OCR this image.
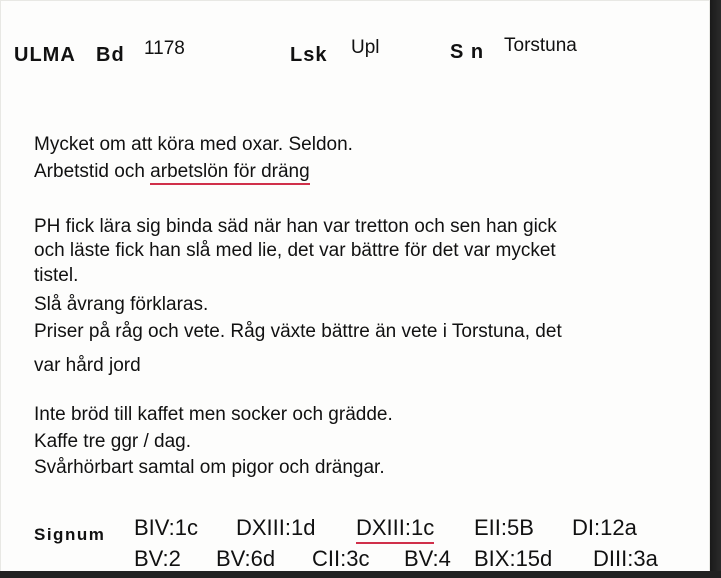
ULMA Bd 1178	Lsk Upl	S n Torstuna
Mycket om att köra med oxar. Seldon.
Arbetstid och arbetslön för dräng
PH fick lära sig binda säd när han var tretton och sen han gick
och läste fick han slå med lie, det var bättre för det var mycket
tistel.
Slå åvrang förklaras.
Priser på råg och vete. Råg växte bättre än vete i Torstuna, det
var hård jord
Inte bröd till kaffet men socker och grädde.
Kaffe tre ggr / dag.
Svårhörbart samtal om pigor och drängar.
Signum BIV:1c DXIII:1d DXIII:1c EII:5B DI:12a
BV:2 BV:6d CII:3c BV:4 BIX:15d DIII:3a
